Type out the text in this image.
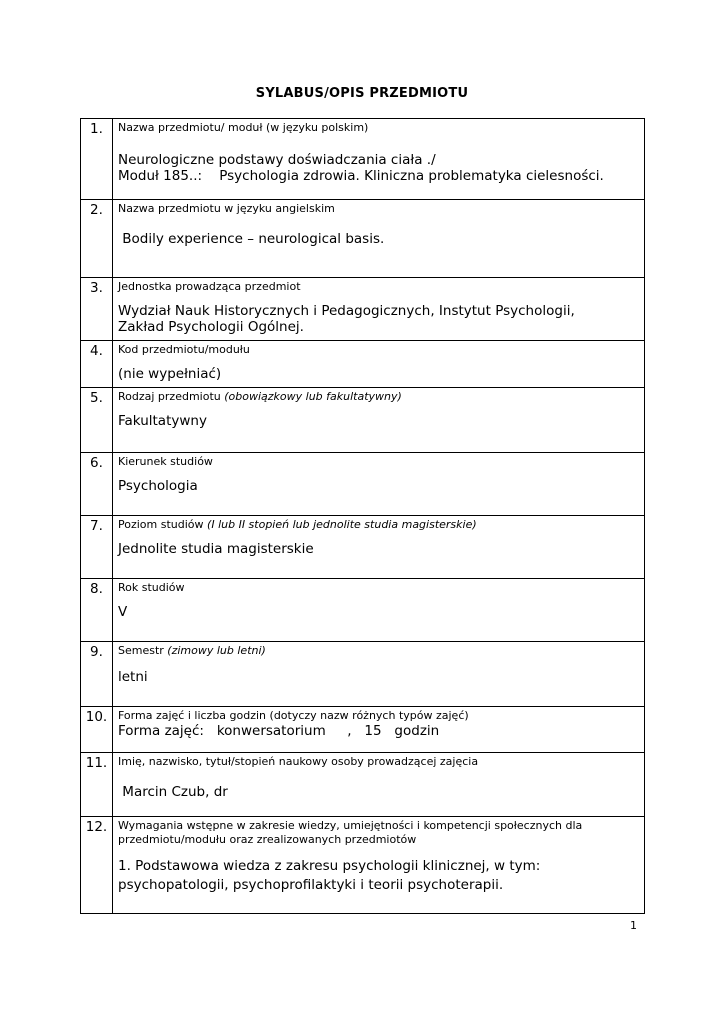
SYLABUS/OPIS PRZEDMIOTU
1.	Nazwa przedmiotu/ moduł (w języku polskim)
Neurologiczne podstawy doświadczania ciała ./
Moduł 185..:    Psychologia zdrowia. Kliniczna problematyka cielesności.

2.	Nazwa przedmiotu w języku angielskim
Bodily experience – neurological basis.

3.	Jednostka prowadząca przedmiot
Wydział Nauk Historycznych i Pedagogicznych, Instytut Psychologii,
Zakład Psychologii Ogólnej.

4.	Kod przedmiotu/modułu
(nie wypełniać)

5.	Rodzaj przedmiotu (obowiązkowy lub fakultatywny)
Fakultatywny

6.	Kierunek studiów
Psychologia

7.	Poziom studiów (I lub II stopień lub jednolite studia magisterskie)
Jednolite studia magisterskie

8.	Rok studiów
V

9.	Semestr (zimowy lub letni)
letni

10.	Forma zajęć i liczba godzin (dotyczy nazw różnych typów zajęć)
Forma zajęć:   konwersatorium     ,   15   godzin

11.	Imię, nazwisko, tytuł/stopień naukowy osoby prowadzącej zajęcia
Marcin Czub, dr

12.	Wymagania wstępne w zakresie wiedzy, umiejętności i kompetencji społecznych dla
przedmiotu/modułu oraz zrealizowanych przedmiotów
1. Podstawowa wiedza z zakresu psychologii klinicznej, w tym:
psychopatologii, psychoprofilaktyki i teorii psychoterapii.
1
